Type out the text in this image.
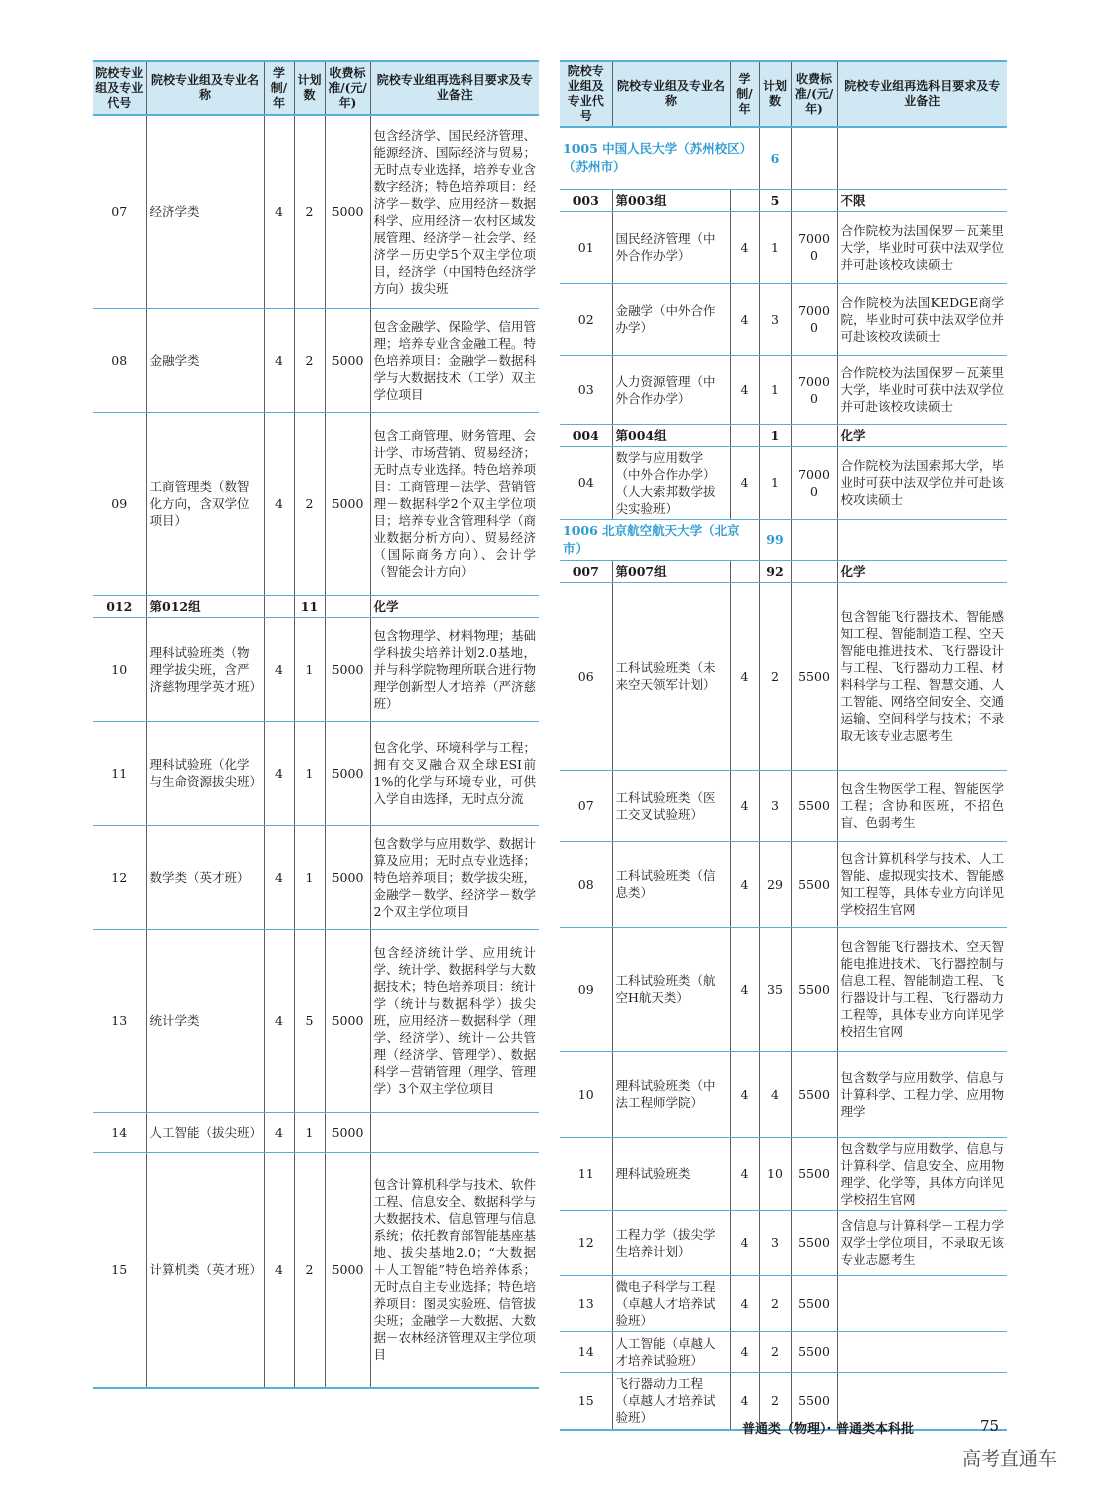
院校专业组及专业代号	院校专业组及专业名称	学制/年	计划数	收费标准/(元/年)	院校专业组再选科目要求及专业备注
07	经济学类	4	2	5000	包含经济学、国民经济管理、能源经济、国际经济与贸易；无时点专业选择，培养专业含数字经济；特色培养项目：经济学－数学、应用经济－数据科学、应用经济－农村区域发展管理、经济学－社会学、经济学－历史学5个双主学位项目，经济学（中国特色经济学方向）拔尖班
08	金融学类	4	2	5000	包含金融学、保险学、信用管理；培养专业含金融工程。特色培养项目：金融学－数据科学与大数据技术（工学）双主学位项目
09	工商管理类（数智化方向，含双学位项目）	4	2	5000	包含工商管理、财务管理、会计学、市场营销、贸易经济；无时点专业选择。特色培养项目：工商管理－法学、营销管理－数据科学2个双主学位项目；培养专业含管理科学（商业数据分析方向）、贸易经济（国际商务方向）、会计学（智能会计方向）
012	第012组		11		化学
10	理科试验班类（物理学拔尖班，含严济慈物理学英才班）	4	1	5000	包含物理学、材料物理；基础学科拔尖培养计划2.0基地，并与科学院物理所联合进行物理学创新型人才培养（严济慈班）
11	理科试验班（化学与生命资源拔尖班）	4	1	5000	包含化学、环境科学与工程；拥有交叉融合双全球ESI前1%的化学与环境专业，可供入学自由选择，无时点分流
12	数学类（英才班）	4	1	5000	包含数学与应用数学、数据计算及应用；无时点专业选择；特色培养项目；数学拔尖班，金融学－数学、经济学－数学2个双主学位项目
13	统计学类	4	5	5000	包含经济统计学、应用统计学、统计学、数据科学与大数据技术；特色培养项目：统计学（统计与数据科学）拔尖班，应用经济－数据科学（理学、经济学）、统计－公共管理（经济学、管理学）、数据科学－营销管理（理学、管理学）3个双主学位项目
14	人工智能（拔尖班）	4	1	5000	
15	计算机类（英才班）	4	2	5000	包含计算机科学与技术、软件工程、信息安全、数据科学与大数据技术、信息管理与信息系统；依托教育部智能基座基地、拔尖基地2.0；“大数据＋人工智能”特色培养体系；无时点自主专业选择；特色培养项目：图灵实验班、信管拔尖班；金融学－大数据、大数据－农林经济管理双主学位项目
院校专业组及专业代号	院校专业组及专业名称	学制/年	计划数	收费标准/(元/年)	院校专业组再选科目要求及专业备注
1005 中国人民大学（苏州校区）（苏州市）			6		
003	第003组		5		不限
01	国民经济管理（中外合作办学）	4	1	70000	合作院校为法国保罗－瓦莱里大学，毕业时可获中法双学位并可赴该校攻读硕士
02	金融学（中外合作办学）	4	3	70000	合作院校为法国KEDGE商学院，毕业时可获中法双学位并可赴该校攻读硕士
03	人力资源管理（中外合作办学）	4	1	70000	合作院校为法国保罗－瓦莱里大学，毕业时可获中法双学位并可赴该校攻读硕士
004	第004组		1		化学
04	数学与应用数学（中外合作办学）（人大索邦数学拔尖实验班）	4	1	70000	合作院校为法国索邦大学，毕业时可获中法双学位并可赴该校攻读硕士
1006 北京航空航天大学（北京市）			99		
007	第007组		92		化学
06	工科试验班类（未来空天领军计划）	4	2	5500	包含智能飞行器技术、智能感知工程、智能制造工程、空天智能电推进技术、飞行器设计与工程、飞行器动力工程、材料科学与工程、智慧交通、人工智能、网络空间安全、交通运输、空间科学与技术；不录取无该专业志愿考生
07	工科试验班类（医工交叉试验班）	4	3	5500	包含生物医学工程、智能医学工程；含协和医班，不招色盲、色弱考生
08	工科试验班类（信息类）	4	29	5500	包含计算机科学与技术、人工智能、虚拟现实技术、智能感知工程等，具体专业方向详见学校招生官网
09	工科试验班类（航空H航天类）	4	35	5500	包含智能飞行器技术、空天智能电推进技术、飞行器控制与信息工程、智能制造工程、飞行器设计与工程、飞行器动力工程等，具体专业方向详见学校招生官网
10	理科试验班类（中法工程师学院）	4	4	5500	包含数学与应用数学、信息与计算科学、工程力学、应用物理学
11	理科试验班类	4	10	5500	包含数学与应用数学、信息与计算科学、信息安全、应用物理学、化学等，具体方向详见学校招生官网
12	工程力学（拔尖学生培养计划）	4	3	5500	含信息与计算科学－工程力学双学士学位项目，不录取无该专业志愿考生
13	微电子科学与工程（卓越人才培养试验班）	4	2	5500	
14	人工智能（卓越人才培养试验班）	4	2	5500	
15	飞行器动力工程（卓越人才培养试验班）	4	2	5500	
普通类（物理）· 普通类本科批	75
高考直通车
